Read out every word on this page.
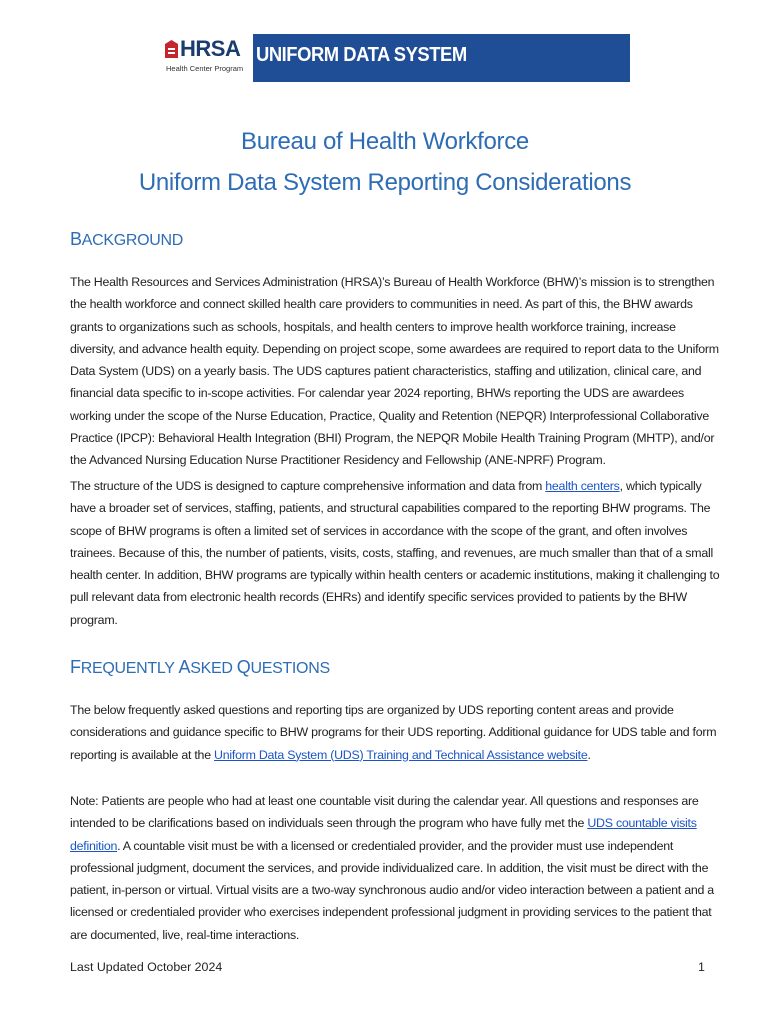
HRSA
Health Center Program
UNIFORM DATA SYSTEM
Bureau of Health Workforce
Uniform Data System Reporting Considerations
BACKGROUND

The Health Resources and Services Administration (HRSA)’s Bureau of Health Workforce (BHW)’s mission is to strengthen the health workforce and connect skilled health care providers to communities in need. As part of this, the BHW awards grants to organizations such as schools, hospitals, and health centers to improve health workforce training, increase diversity, and advance health equity. Depending on project scope, some awardees are required to report data to the Uniform Data System (UDS) on a yearly basis. The UDS captures patient characteristics, staffing and utilization, clinical care, and financial data specific to in-scope activities. For calendar year 2024 reporting, BHWs reporting the UDS are awardees working under the scope of the Nurse Education, Practice, Quality and Retention (NEPQR) Interprofessional Collaborative Practice (IPCP): Behavioral Health Integration (BHI) Program, the NEPQR Mobile Health Training Program (MHTP), and/or the Advanced Nursing Education Nurse Practitioner Residency and Fellowship (ANE-NPRF) Program.

The structure of the UDS is designed to capture comprehensive information and data from health centers, which typically have a broader set of services, staffing, patients, and structural capabilities compared to the reporting BHW programs. The scope of BHW programs is often a limited set of services in accordance with the scope of the grant, and often involves trainees. Because of this, the number of patients, visits, costs, staffing, and revenues, are much smaller than that of a small health center. In addition, BHW programs are typically within health centers or academic institutions, making it challenging to pull relevant data from electronic health records (EHRs) and identify specific services provided to patients by the BHW program.

FREQUENTLY ASKED QUESTIONS

The below frequently asked questions and reporting tips are organized by UDS reporting content areas and provide considerations and guidance specific to BHW programs for their UDS reporting. Additional guidance for UDS table and form reporting is available at the Uniform Data System (UDS) Training and Technical Assistance website.

Note: Patients are people who had at least one countable visit during the calendar year. All questions and responses are intended to be clarifications based on individuals seen through the program who have fully met the UDS countable visits definition. A countable visit must be with a licensed or credentialed provider, and the provider must use independent professional judgment, document the services, and provide individualized care. In addition, the visit must be direct with the patient, in-person or virtual. Virtual visits are a two-way synchronous audio and/or video interaction between a patient and a licensed or credentialed provider who exercises independent professional judgment in providing services to the patient that are documented, live, real-time interactions.

Last Updated October 2024	1
